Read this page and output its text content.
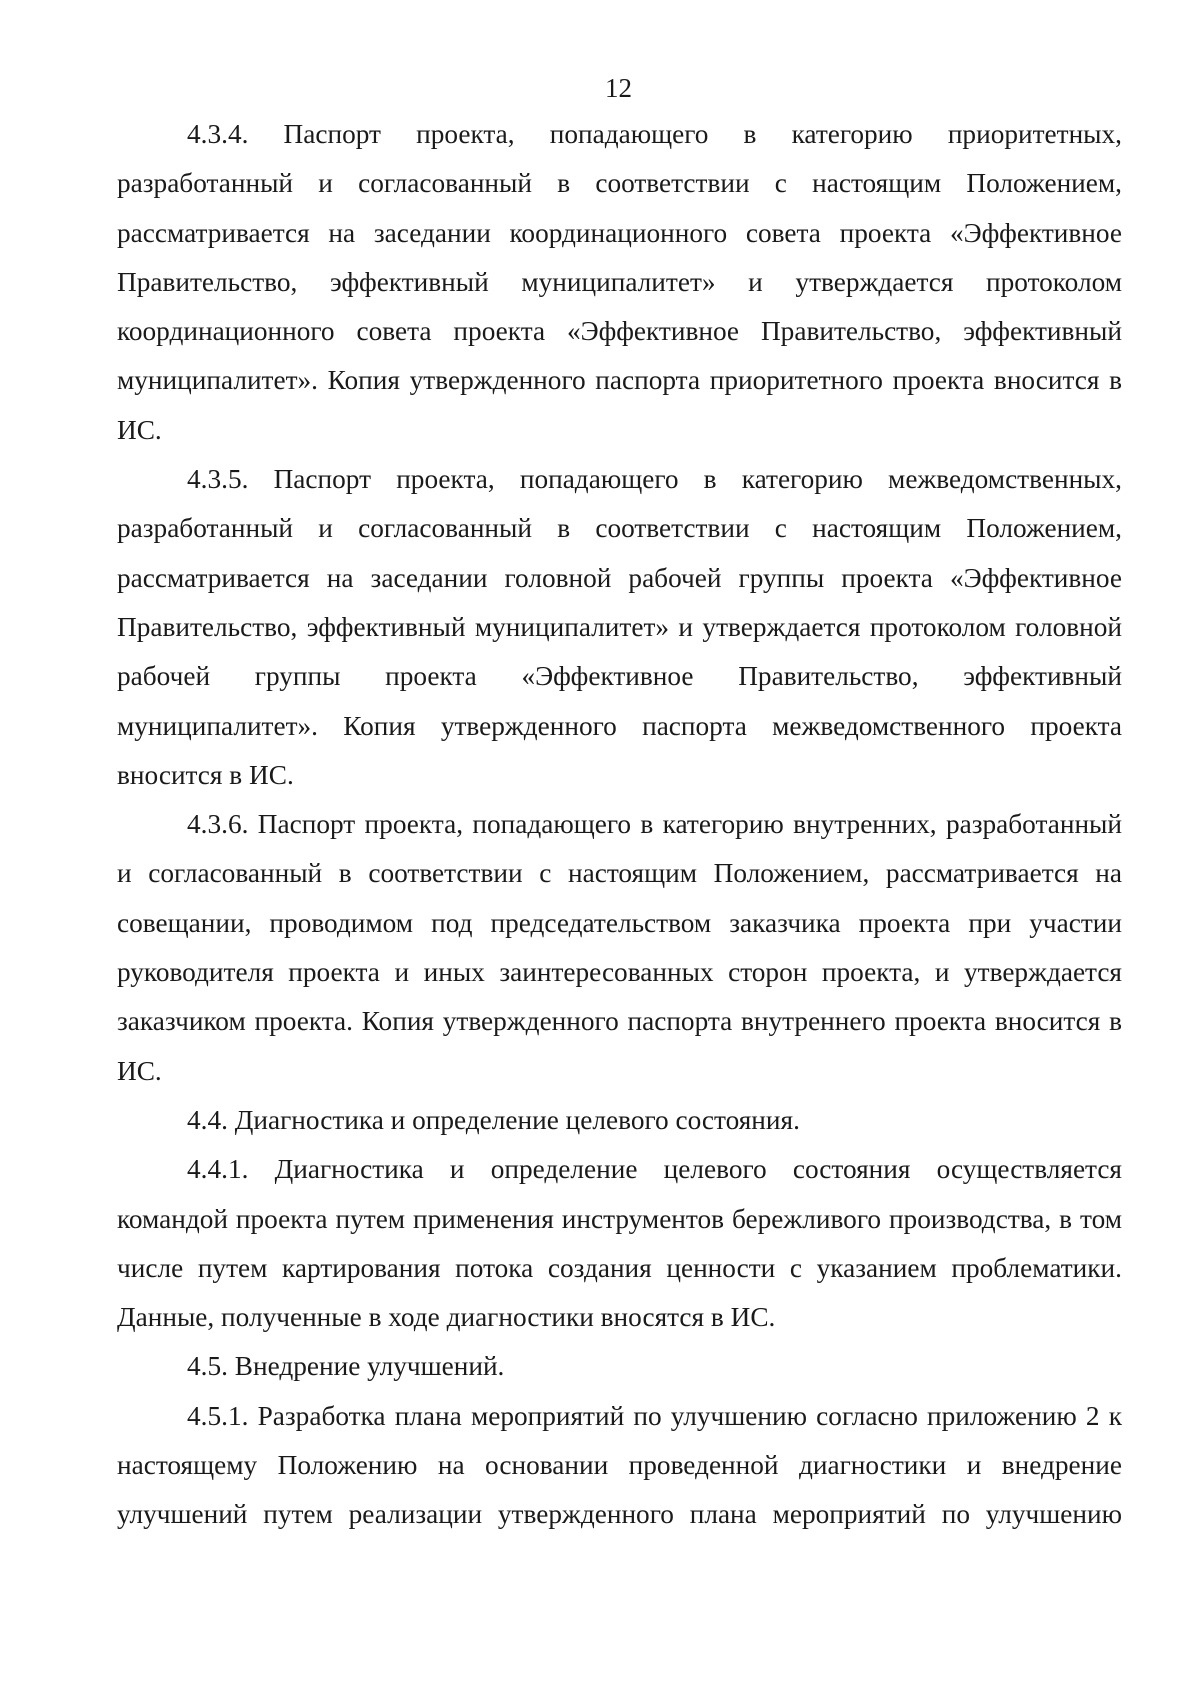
12

4.3.4. Паспорт проекта, попадающего в категорию приоритетных, разработанный и согласованный в соответствии с настоящим Положением, рассматривается на заседании координационного совета проекта «Эффективное Правительство, эффективный муниципалитет» и утверждается протоколом координационного совета проекта «Эффективное Правительство, эффективный муниципалитет». Копия утвержденного паспорта приоритетного проекта вносится в ИС.

4.3.5. Паспорт проекта, попадающего в категорию межведомственных, разработанный и согласованный в соответствии с настоящим Положением, рассматривается на заседании головной рабочей группы проекта «Эффективное Правительство, эффективный муниципалитет» и утверждается протоколом головной рабочей группы проекта «Эффективное Правительство, эффективный муниципалитет». Копия утвержденного паспорта межведомственного проекта вносится в ИС.

4.3.6. Паспорт проекта, попадающего в категорию внутренних, разработанный и согласованный в соответствии с настоящим Положением, рассматривается на совещании, проводимом под председательством заказчика проекта при участии руководителя проекта и иных заинтересованных сторон проекта, и утверждается заказчиком проекта. Копия утвержденного паспорта внутреннего проекта вносится в ИС.

4.4. Диагностика и определение целевого состояния.

4.4.1. Диагностика и определение целевого состояния осуществляется командой проекта путем применения инструментов бережливого производства, в том числе путем картирования потока создания ценности с указанием проблематики. Данные, полученные в ходе диагностики вносятся в ИС.

4.5. Внедрение улучшений.

4.5.1. Разработка плана мероприятий по улучшению согласно приложению 2 к настоящему Положению на основании проведенной диагностики и внедрение улучшений путем реализации утвержденного плана мероприятий по улучшению
